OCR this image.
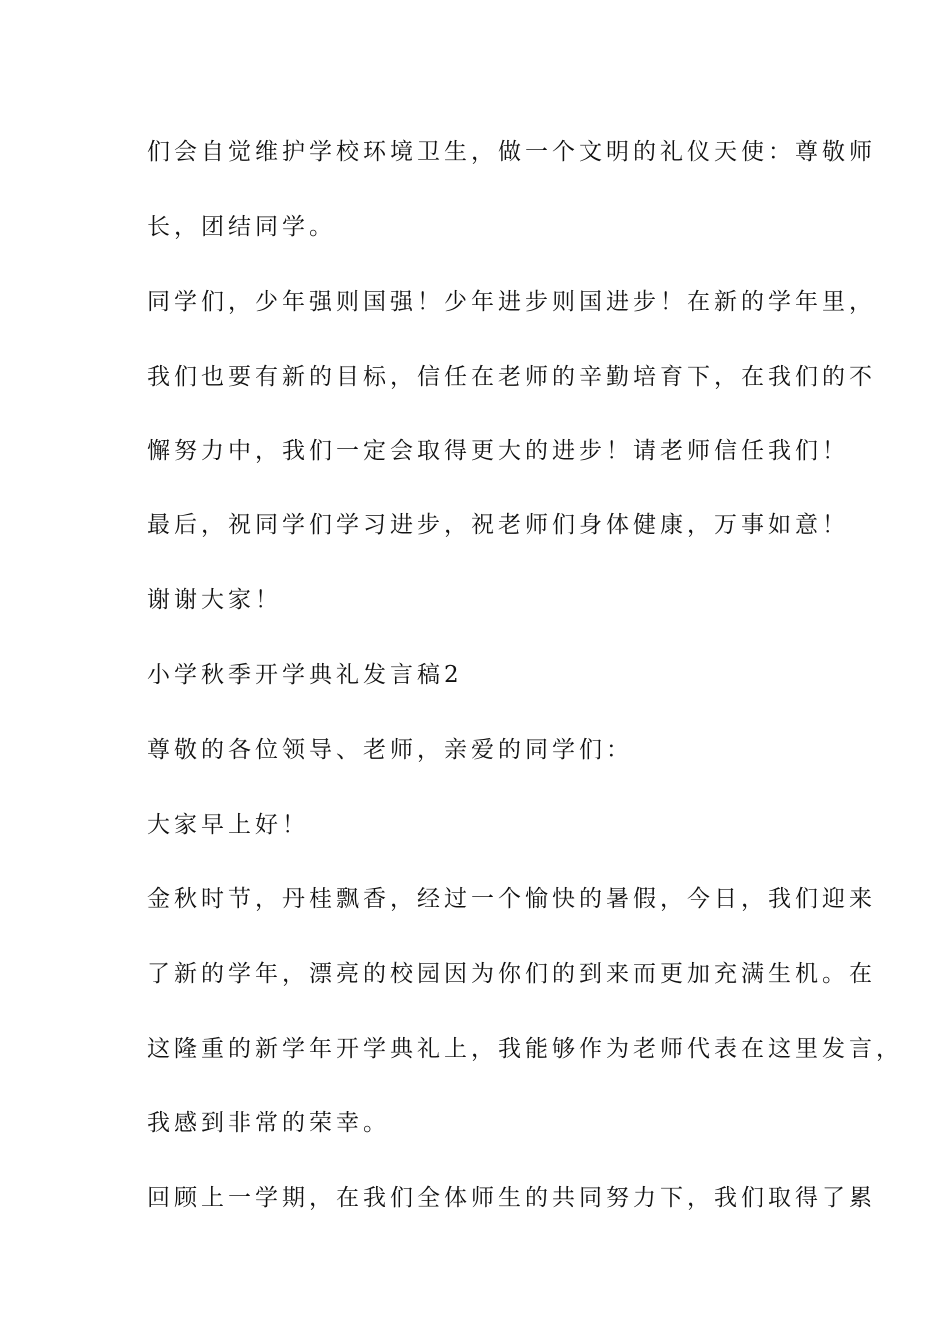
们会自觉维护学校环境卫生，做一个文明的礼仪天使：尊敬师
长，团结同学。
同学们，少年强则国强！少年进步则国进步！在新的学年里，
我们也要有新的目标，信任在老师的辛勤培育下，在我们的不
懈努力中，我们一定会取得更大的进步！请老师信任我们！
最后，祝同学们学习进步，祝老师们身体健康，万事如意！
谢谢大家！
小学秋季开学典礼发言稿2
尊敬的各位领导、老师，亲爱的同学们：
大家早上好！
金秋时节，丹桂飘香，经过一个愉快的暑假，今日，我们迎来
了新的学年，漂亮的校园因为你们的到来而更加充满生机。在
这隆重的新学年开学典礼上，我能够作为老师代表在这里发言，
我感到非常的荣幸。
回顾上一学期，在我们全体师生的共同努力下，我们取得了累
